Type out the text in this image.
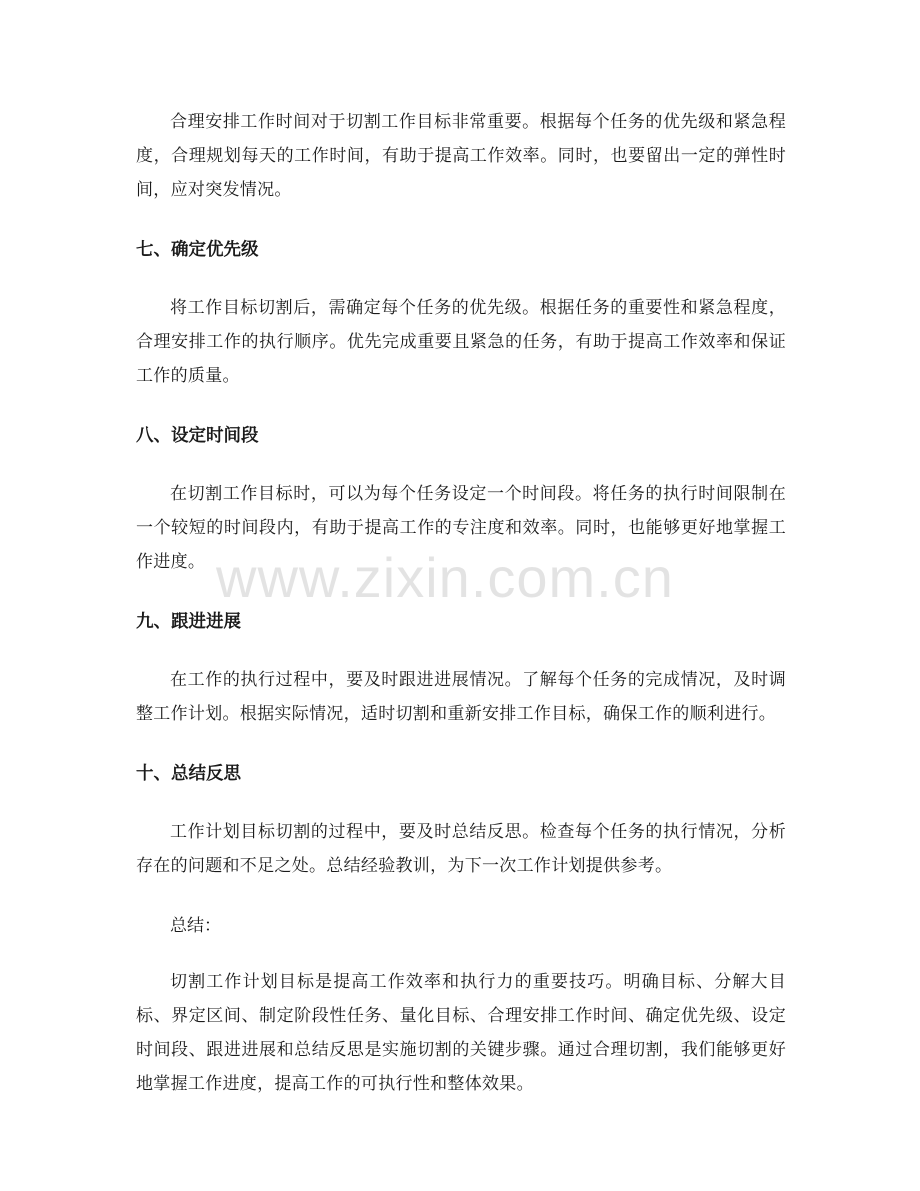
合理安排工作时间对于切割工作目标非常重要。根据每个任务的优先级和紧急程度，合理规划每天的工作时间，有助于提高工作效率。同时，也要留出一定的弹性时间，应对突发情况。

七、确定优先级

将工作目标切割后，需确定每个任务的优先级。根据任务的重要性和紧急程度，合理安排工作的执行顺序。优先完成重要且紧急的任务，有助于提高工作效率和保证工作的质量。

八、设定时间段

在切割工作目标时，可以为每个任务设定一个时间段。将任务的执行时间限制在一个较短的时间段内，有助于提高工作的专注度和效率。同时，也能够更好地掌握工作进度。

九、跟进进展

在工作的执行过程中，要及时跟进进展情况。了解每个任务的完成情况，及时调整工作计划。根据实际情况，适时切割和重新安排工作目标，确保工作的顺利进行。

十、总结反思

工作计划目标切割的过程中，要及时总结反思。检查每个任务的执行情况，分析存在的问题和不足之处。总结经验教训，为下一次工作计划提供参考。

总结：

切割工作计划目标是提高工作效率和执行力的重要技巧。明确目标、分解大目标、界定区间、制定阶段性任务、量化目标、合理安排工作时间、确定优先级、设定时间段、跟进进展和总结反思是实施切割的关键步骤。通过合理切割，我们能够更好地掌握工作进度，提高工作的可执行性和整体效果。

www.zixin.com.cn
